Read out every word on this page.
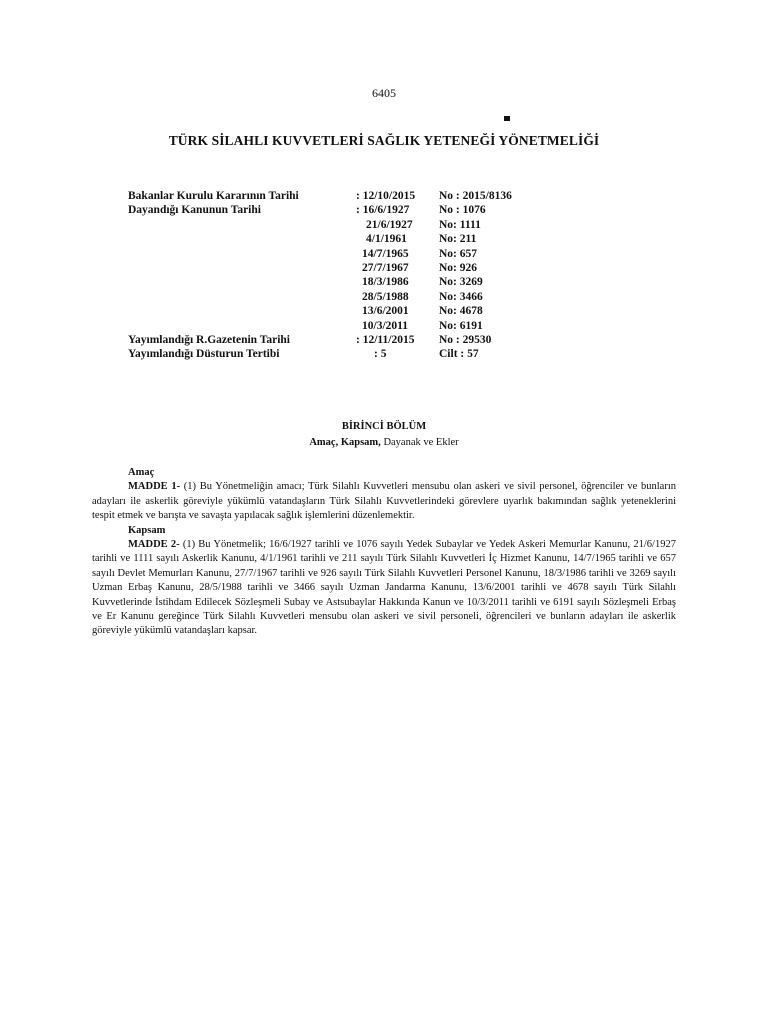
6405
TÜRK SİLAHLI KUVVETLERİ SAĞLIK YETENEĞİ YÖNETMELİĞİ
Bakanlar Kurulu Kararının Tarihi	: 12/10/2015 No : 2015/8136
Dayandığı Kanunun Tarihi	: 16/6/1927	No : 1076
21/6/1927 No: 1111
4/1/1961	No: 211
14/7/1965	No: 657
27/7/1967	No: 926
18/3/1986	No: 3269
28/5/1988	No: 3466
13/6/2001	No: 4678
10/3/2011	No: 6191
Yayımlandığı R.Gazetenin Tarihi	: 12/11/2015 No : 29530
Yayımlandığı Düsturun Tertibi	: 5	Cilt : 57
BİRİNCİ BÖLÜM
Amaç, Kapsam, Dayanak ve Ekler
Amaç

MADDE 1- (1) Bu Yönetmeliğin amacı; Türk Silahlı Kuvvetleri mensubu olan askeri ve sivil personel, öğrenciler ve bunların adayları ile askerlik göreviyle yükümlü vatandaşların Türk Silahlı Kuvvetlerindeki görevlere uyarlık bakımından sağlık yeteneklerini tespit etmek ve barışta ve savaşta yapılacak sağlık işlemlerini düzenlemektir.

Kapsam

MADDE 2- (1) Bu Yönetmelik; 16/6/1927 tarihli ve 1076 sayılı Yedek Subaylar ve Yedek Askeri Memurlar Kanunu, 21/6/1927 tarihli ve 1111 sayılı Askerlik Kanunu, 4/1/1961 tarihli ve 211 sayılı Türk Silahlı Kuvvetleri İç Hizmet Kanunu, 14/7/1965 tarihli ve 657 sayılı Devlet Memurları Kanunu, 27/7/1967 tarihli ve 926 sayılı Türk Silahlı Kuvvetleri Personel Kanunu, 18/3/1986 tarihli ve 3269 sayılı Uzman Erbaş Kanunu, 28/5/1988 tarihli ve 3466 sayılı Uzman Jandarma Kanunu, 13/6/2001 tarihli ve 4678 sayılı Türk Silahlı Kuvvetlerinde İstihdam Edilecek Sözleşmeli Subay ve Astsubaylar Hakkında Kanun ve 10/3/2011 tarihli ve 6191 sayılı Sözleşmeli Erbaş ve Er Kanunu gereğince Türk Silahlı Kuvvetleri mensubu olan askeri ve sivil personeli, öğrencileri ve bunların adayları ile askerlik göreviyle yükümlü vatandaşları kapsar.
